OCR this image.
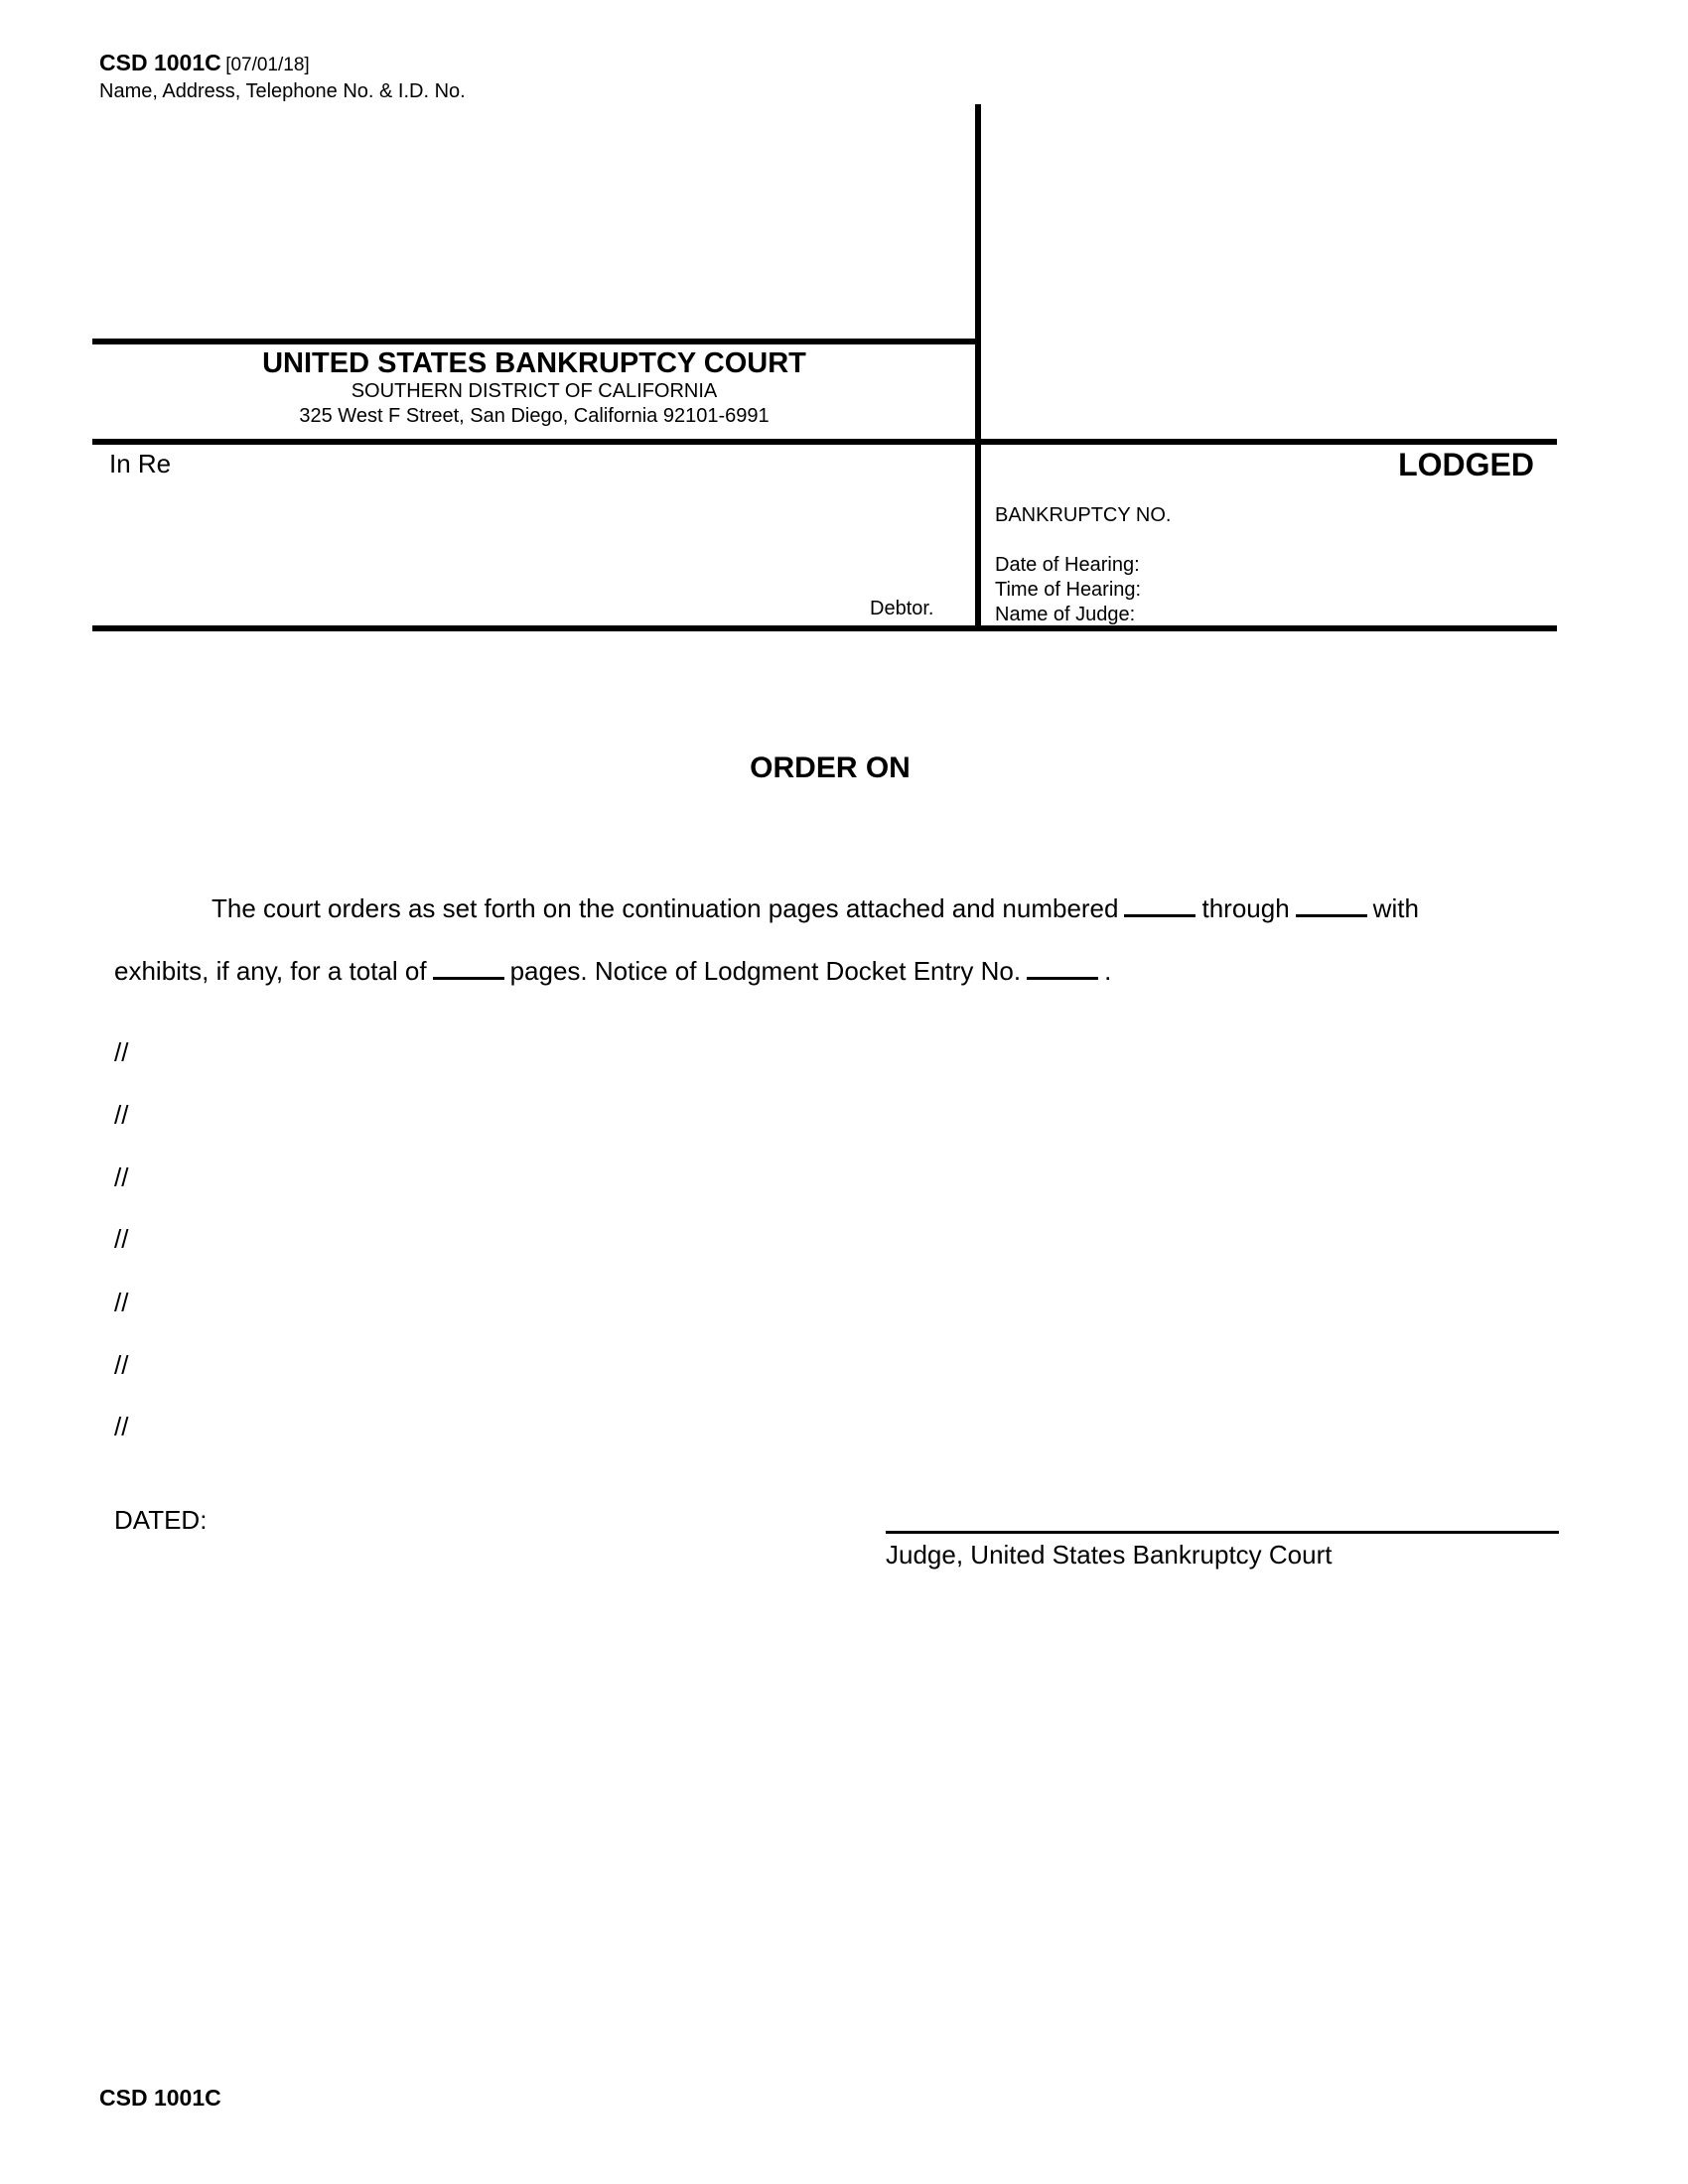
CSD 1001C [07/01/18]
Name, Address, Telephone No. & I.D. No.
UNITED STATES BANKRUPTCY COURT
SOUTHERN DISTRICT OF CALIFORNIA
325 West F Street, San Diego, California 92101-6991
In Re
Debtor.
LODGED
BANKRUPTCY NO.
Date of Hearing:
Time of Hearing:
Name of Judge:
ORDER ON
The court orders as set forth on the continuation pages attached and numbered	through	with
exhibits, if any, for a total of	pages. Notice of Lodgment Docket Entry No.	.
//
//
//
//
//
//
//
DATED:
Judge, United States Bankruptcy Court
CSD 1001C
